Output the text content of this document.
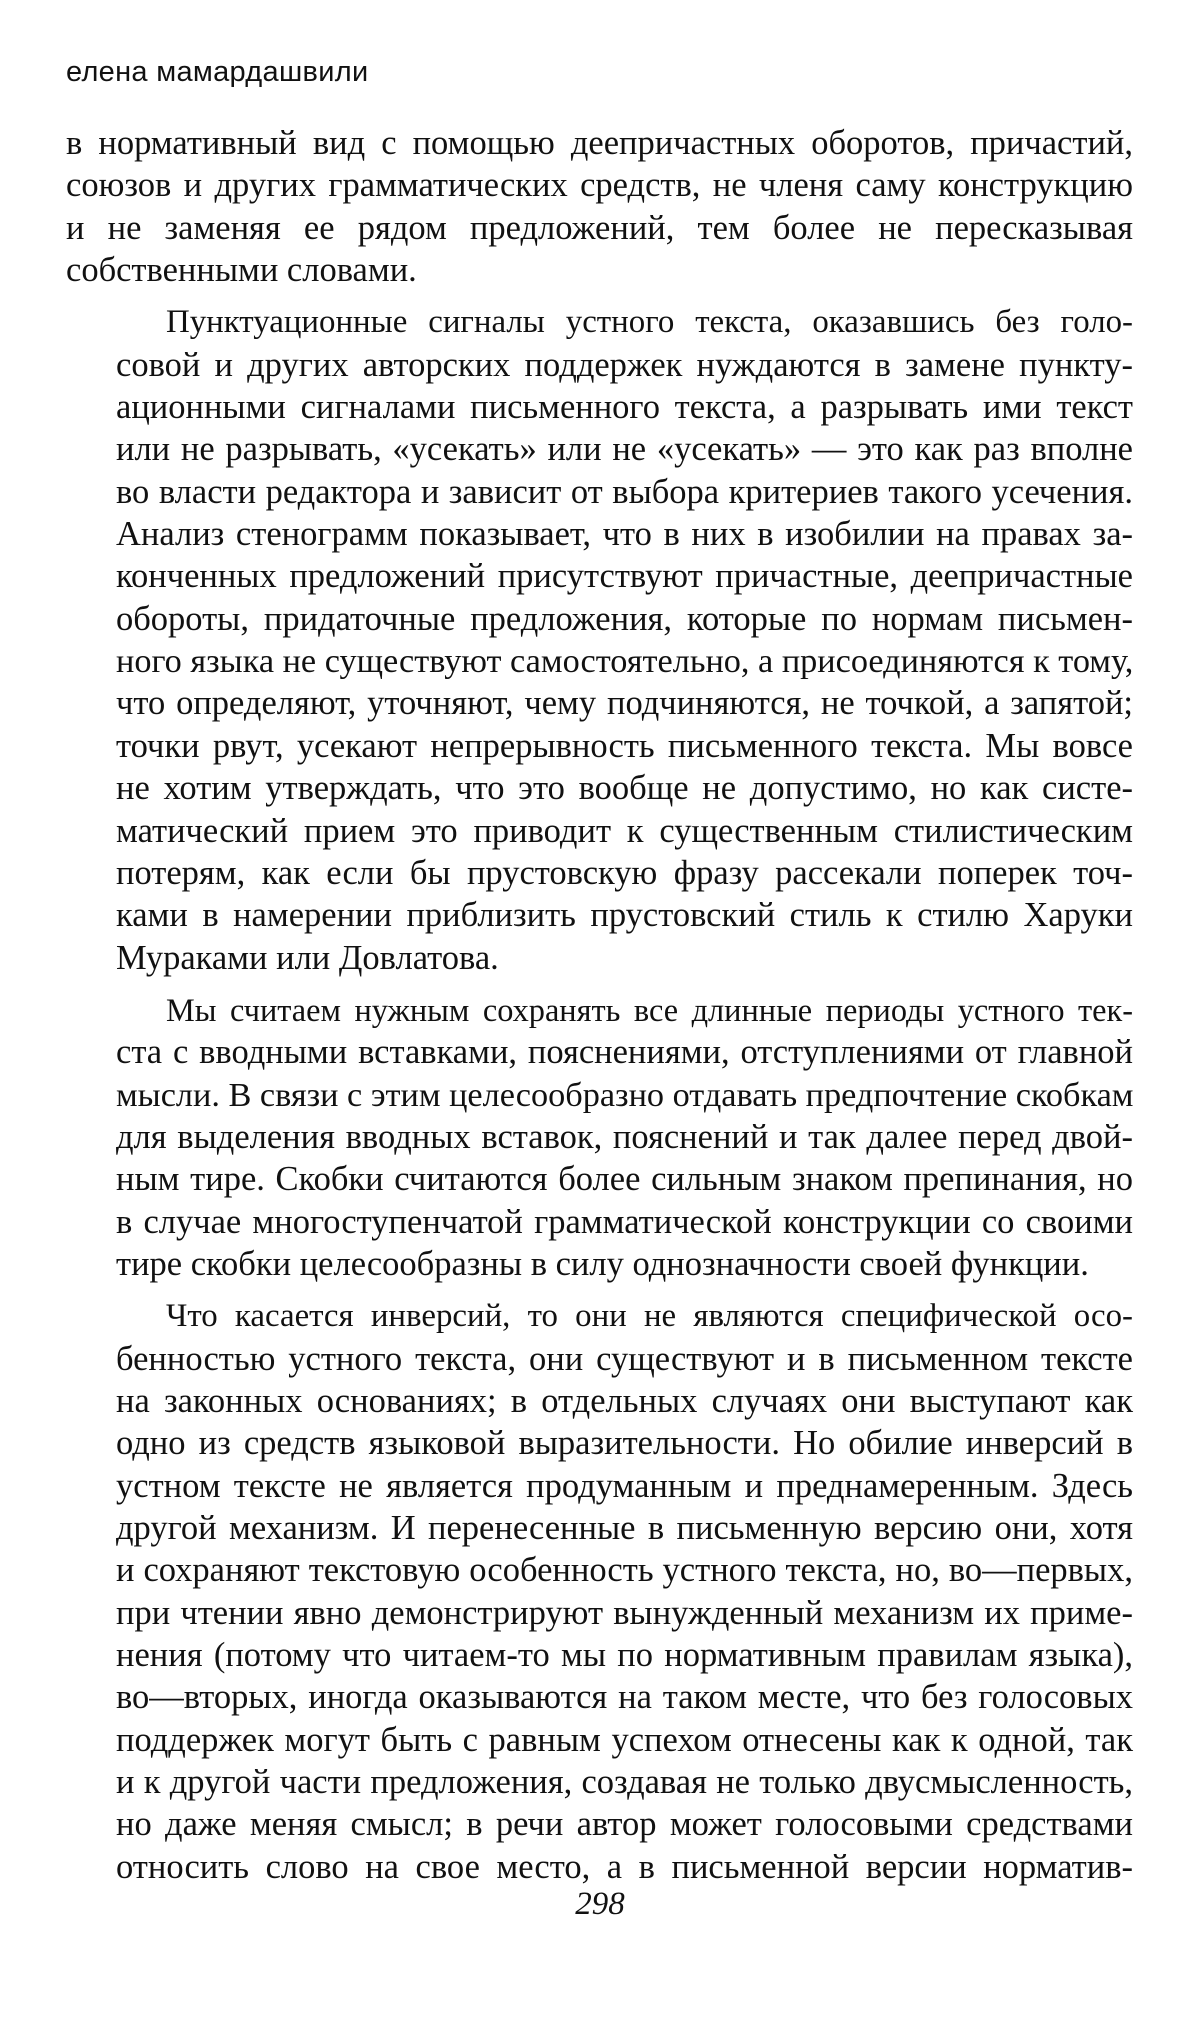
елена мамардашвили
в нормативный вид с помощью деепричастных оборотов, причастий,
союзов и других грамматических средств, не членя саму конструкцию
и не заменяя ее рядом предложений, тем более не пересказывая
собственными словами.
Пунктуационные сигналы устного текста, оказавшись без голо-
совой и других авторских поддержек нуждаются в замене пункту-
ационными сигналами письменного текста, а разрывать ими текст
или не разрывать, «усекать» или не «усекать» — это как раз вполне
во власти редактора и зависит от выбора критериев такого усечения.
Анализ стенограмм показывает, что в них в изобилии на правах за-
конченных предложений присутствуют причастные, деепричастные
обороты, придаточные предложения, которые по нормам письмен-
ного языка не существуют самостоятельно, а присоединяются к тому,
что определяют, уточняют, чему подчиняются, не точкой, а запятой;
точки рвут, усекают непрерывность письменного текста. Мы вовсе
не хотим утверждать, что это вообще не допустимо, но как систе-
матический прием это приводит к существенным стилистическим
потерям, как если бы прустовскую фразу рассекали поперек точ-
ками в намерении приблизить прустовский стиль к стилю Харуки
Мураками или Довлатова.
Мы считаем нужным сохранять все длинные периоды устного тек-
ста с вводными вставками, пояснениями, отступлениями от главной
мысли. В связи с этим целесообразно отдавать предпочтение скобкам
для выделения вводных вставок, пояснений и так далее перед двой-
ным тире. Скобки считаются более сильным знаком препинания, но
в случае многоступенчатой грамматической конструкции со своими
тире скобки целесообразны в силу однозначности своей функции.
Что касается инверсий, то они не являются специфической осо-
бенностью устного текста, они существуют и в письменном тексте
на законных основаниях; в отдельных случаях они выступают как
одно из средств языковой выразительности. Но обилие инверсий в
устном тексте не является продуманным и преднамеренным. Здесь
другой механизм. И перенесенные в письменную версию они, хотя
и сохраняют текстовую особенность устного текста, но, во—первых,
при чтении явно демонстрируют вынужденный механизм их приме-
нения (потому что читаем-то мы по нормативным правилам языка),
во—вторых, иногда оказываются на таком месте, что без голосовых
поддержек могут быть с равным успехом отнесены как к одной, так
и к другой части предложения, создавая не только двусмысленность,
но даже меняя смысл; в речи автор может голосовыми средствами
относить слово на свое место, а в письменной версии норматив-
298
